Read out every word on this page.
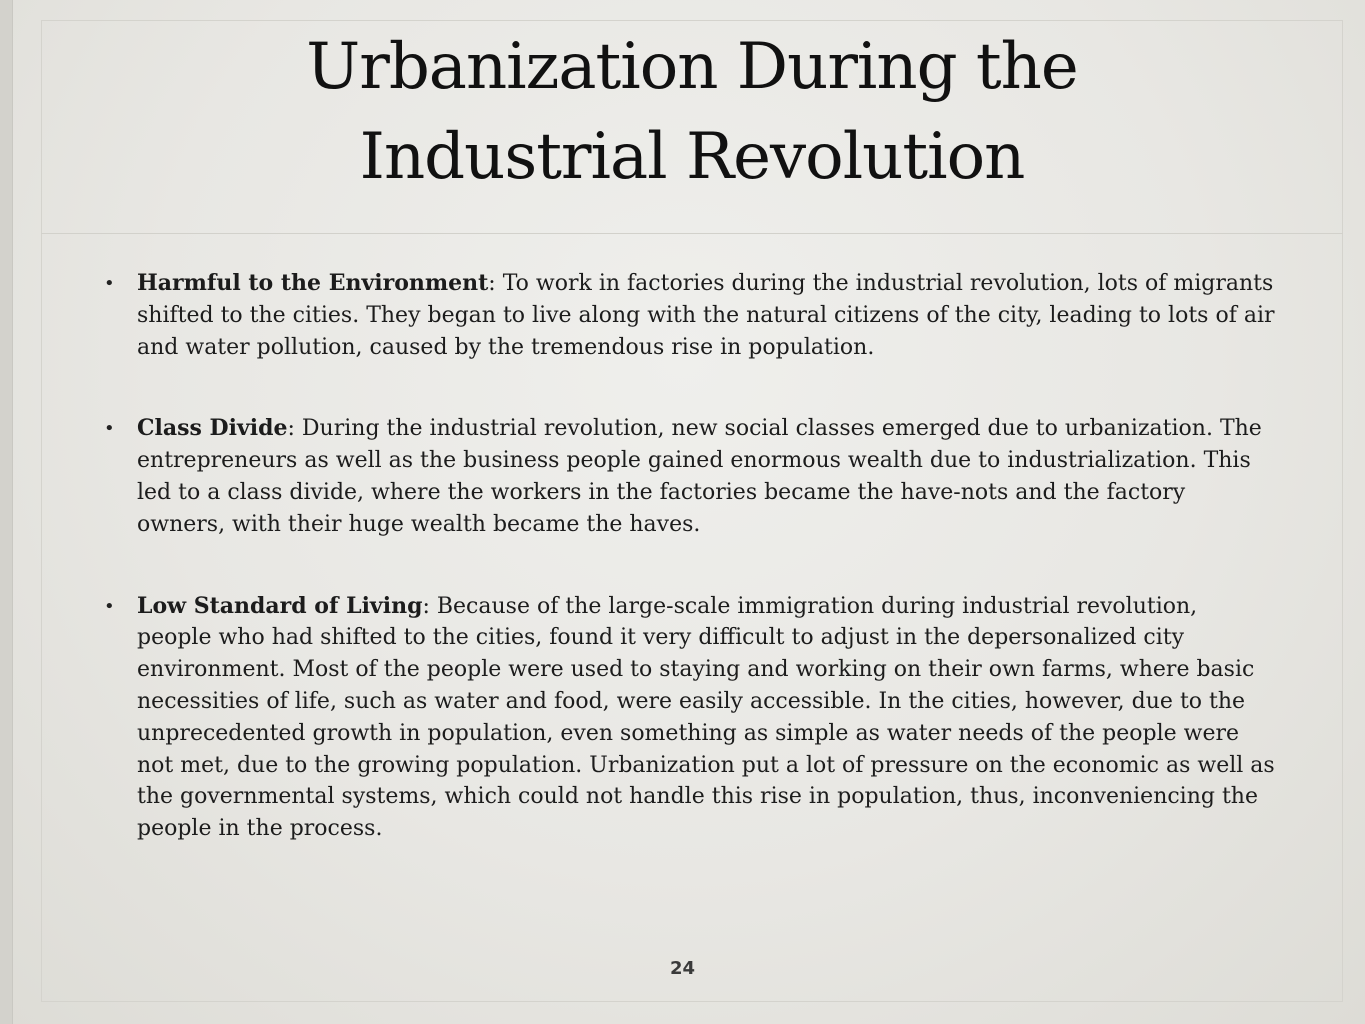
Urbanization During the
Industrial Revolution
• Harmful to the Environment: To work in factories during the industrial revolution, lots of migrants shifted to the cities. They began to live along with the natural citizens of the city, leading to lots of air and water pollution, caused by the tremendous rise in population.
• Class Divide: During the industrial revolution, new social classes emerged due to urbanization. The entrepreneurs as well as the business people gained enormous wealth due to industrialization. This led to a class divide, where the workers in the factories became the have-nots and the factory owners, with their huge wealth became the haves.
• Low Standard of Living: Because of the large-scale immigration during industrial revolution, people who had shifted to the cities, found it very difficult to adjust in the depersonalized city environment. Most of the people were used to staying and working on their own farms, where basic necessities of life, such as water and food, were easily accessible. In the cities, however, due to the unprecedented growth in population, even something as simple as water needs of the people were not met, due to the growing population. Urbanization put a lot of pressure on the economic as well as the governmental systems, which could not handle this rise in population, thus, inconveniencing the people in the process.
24
